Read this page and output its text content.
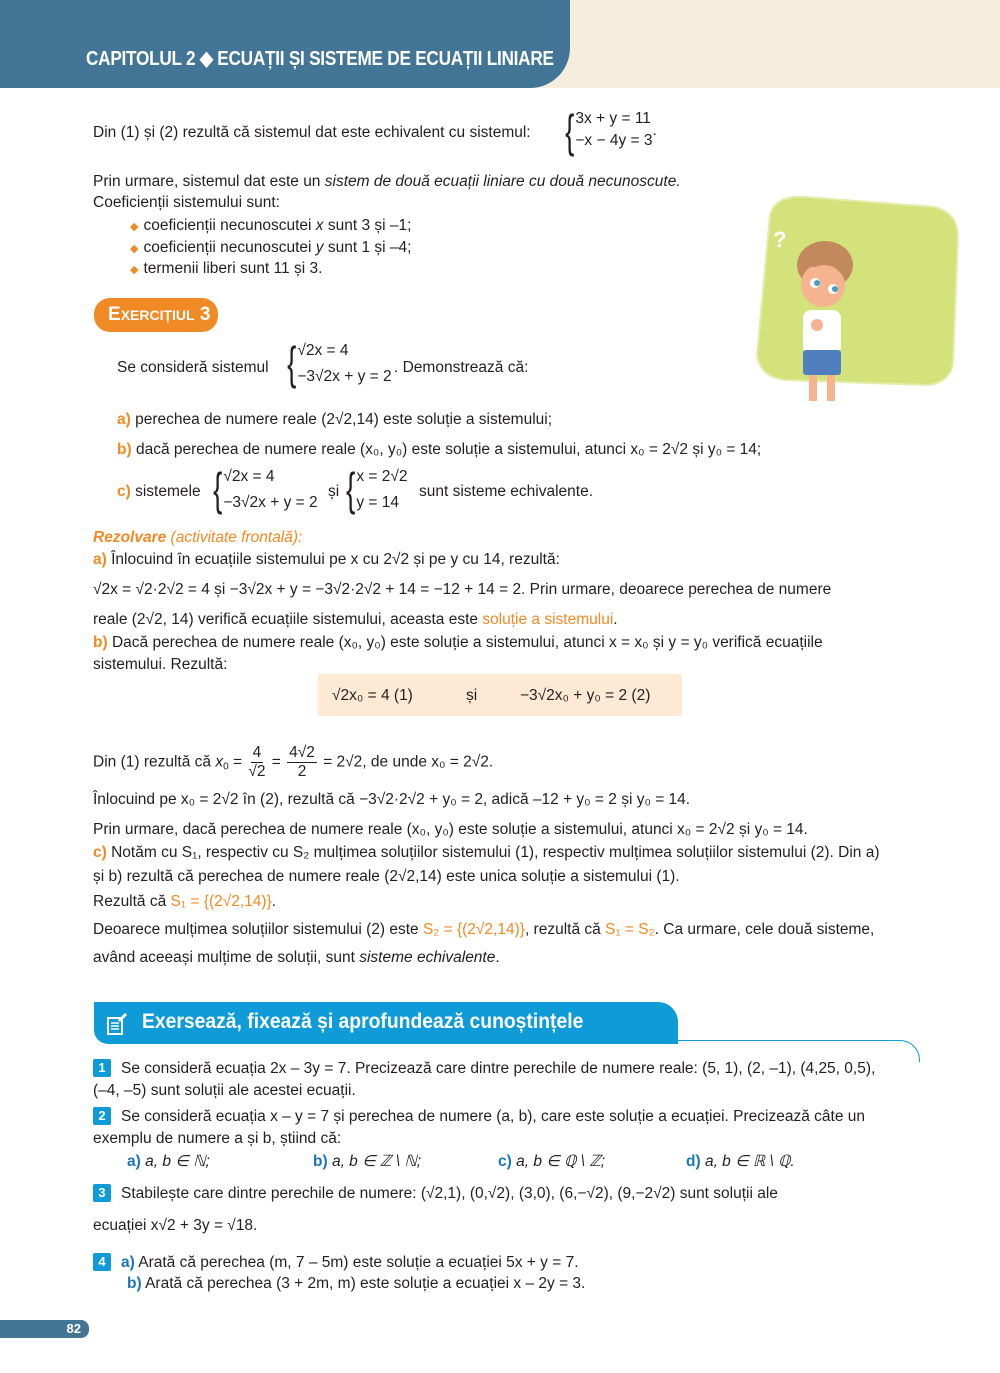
CAPITOLUL 2 ◆ ECUAȚII ȘI SISTEME DE ECUAȚII LINIARE
Din (1) și (2) rezultă că sistemul dat este echivalent cu sistemul: { 3x + y = 11
−x − 4y = 3
.
Prin urmare, sistemul dat este un sistem de două ecuații liniare cu două necunoscute.
Coeficienții sistemului sunt:
◆ coeficienții necunoscutei x sunt 3 și –1;
◆ coeficienții necunoscutei y sunt 1 și –4;
◆ termenii liberi sunt 11 și 3.
?
EXERCIȚIUL 3
Se consideră sistemul { √2x = 4
−3√2x + y = 2
. Demonstrează că:
a) perechea de numere reale (2√2,14) este soluție a sistemului;
b) dacă perechea de numere reale (x₀, y₀) este soluție a sistemului, atunci x₀ = 2√2 și y₀ = 14;
c) sistemele { √2x = 4
−3√2x + y = 2
și { x = 2√2
y = 14
sunt sisteme echivalente.
Rezolvare (activitate frontală):
a) Înlocuind în ecuațiile sistemului pe x cu 2√2 și pe y cu 14, rezultă:
√2x = √2·2√2 = 4 și −3√2x + y = −3√2·2√2 + 14 = −12 + 14 = 2. Prin urmare, deoarece perechea de numere
reale (2√2, 14) verifică ecuațiile sistemului, aceasta este soluție a sistemului.
b) Dacă perechea de numere reale (x₀, y₀) este soluție a sistemului, atunci x = x₀ și y = y₀ verifică ecuațiile
sistemului. Rezultă:
√2x₀ = 4 (1)	și	−3√2x₀ + y₀ = 2 (2)
Din (1) rezultă că $x_0 = \frac{4}{√2} = \frac{4√2}{2} = 2√2$, de unde x₀ = 2√2.
Înlocuind pe x₀ = 2√2 în (2), rezultă că −3√2·2√2 + y₀ = 2, adică –12 + y₀ = 2 și y₀ = 14.
Prin urmare, dacă perechea de numere reale (x₀, y₀) este soluție a sistemului, atunci x₀ = 2√2 și y₀ = 14.
c) Notăm cu S₁, respectiv cu S₂ mulțimea soluțiilor sistemului (1), respectiv mulțimea soluțiilor sistemului (2). Din a)
și b) rezultă că perechea de numere reale (2√2,14) este unica soluție a sistemului (1).
Rezultă că S₁ = {(2√2,14)}.
Deoarece mulțimea soluțiilor sistemului (2) este S₂ = {(2√2,14)}, rezultă că S₁ = S₂. Ca urmare, cele două sisteme,
având aceeași mulțime de soluții, sunt sisteme echivalente.
Exersează, fixează și aprofundează cunoștințele
1 Se consideră ecuația 2x – 3y = 7. Precizează care dintre perechile de numere reale: (5, 1), (2, –1), (4,25, 0,5),
(–4, –5) sunt soluții ale acestei ecuații.
2 Se consideră ecuația x – y = 7 și perechea de numere (a, b), care este soluție a ecuației. Precizează câte un
exemplu de numere a și b, știind că:
a) a, b ∈ ℕ;	b) a, b ∈ ℤ \ ℕ;	c) a, b ∈ ℚ \ ℤ;	d) a, b ∈ ℝ \ ℚ.
3 Stabilește care dintre perechile de numere: (√2,1), (0,√2), (3,0), (6,−√2), (9,−2√2) sunt soluții ale
ecuației x√2 + 3y = √18.
4 a) Arată că perechea (m, 7 – 5m) este soluție a ecuației 5x + y = 7.
b) Arată că perechea (3 + 2m, m) este soluție a ecuației x – 2y = 3.
82
